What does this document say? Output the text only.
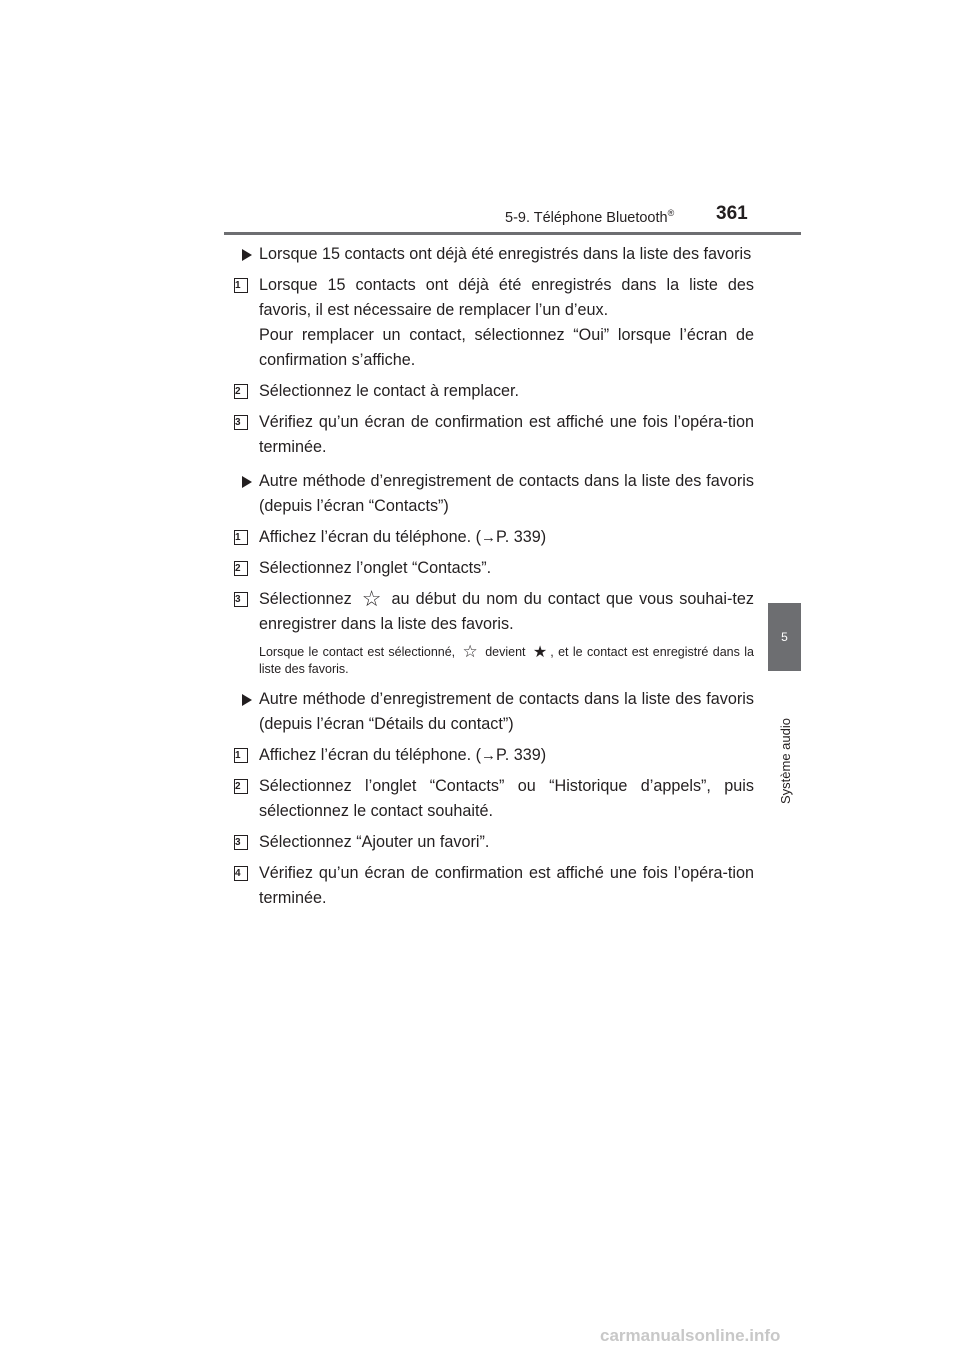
5-9. Téléphone Bluetooth® 361
5
Système audio
Lorsque 15 contacts ont déjà été enregistrés dans la liste des favoris
1	Lorsque 15 contacts ont déjà été enregistrés dans la liste des favoris, il est nécessaire de remplacer l’un d’eux.
Pour remplacer un contact, sélectionnez “Oui” lorsque l’écran de confirmation s’affiche.
2	Sélectionnez le contact à remplacer.
3	Vérifiez qu’un écran de confirmation est affiché une fois l’opéra-tion terminée.
Autre méthode d’enregistrement de contacts dans la liste des favoris (depuis l’écran “Contacts”)
1	Affichez l’écran du téléphone. (→P. 339)
2	Sélectionnez l’onglet “Contacts”.
3	Sélectionnez ☆ au début du nom du contact que vous souhai-tez enregistrer dans la liste des favoris.
Lorsque le contact est sélectionné, ☆ devient ★ , et le contact est enregistré dans la liste des favoris.
Autre méthode d’enregistrement de contacts dans la liste des favoris (depuis l’écran “Détails du contact”)
1	Affichez l’écran du téléphone. (→P. 339)
2	Sélectionnez l’onglet “Contacts” ou “Historique d’appels”, puis sélectionnez le contact souhaité.
3	Sélectionnez “Ajouter un favori”.
4	Vérifiez qu’un écran de confirmation est affiché une fois l’opéra-tion terminée.
carmanualsonline.info
